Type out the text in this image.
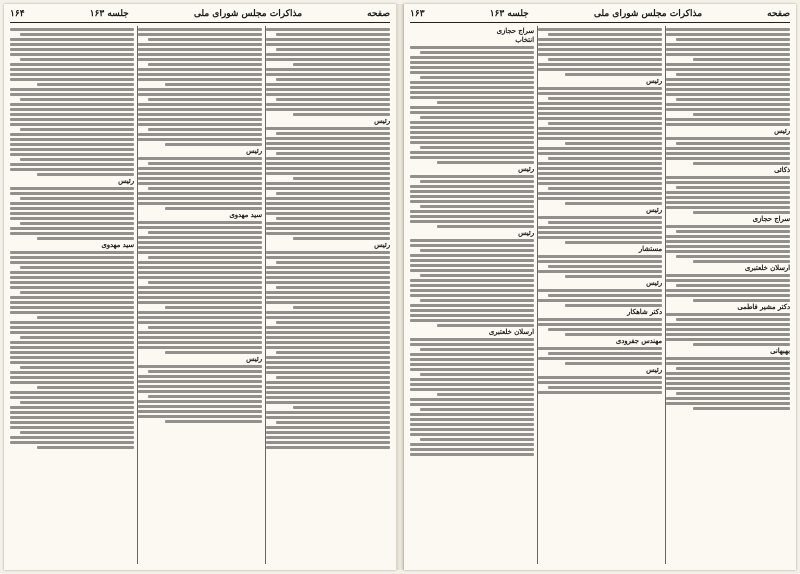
صفحه
مذاکرات مجلس شورای ملی
جلسه ۱۶۳
۱۶۴
رئیس
رئیس
رئیس
سید مهدوی
رئیس
رئیس
سید مهدوی
صفحه
مذاکرات مجلس شورای ملی
جلسه ۱۶۳
۱۶۳
رئیس
ذکائی
سراج حجازی
ارسلان خلعتبری
دکتر مشیر فاطمی
بهبهانی
رئیس
رئیس
مستشار
رئیس
دکتر شاهکار
مهندس جفرودی
رئیس
سراج حجازی
انتخاب
رئیس
رئیس
ارسلان خلعتبری
